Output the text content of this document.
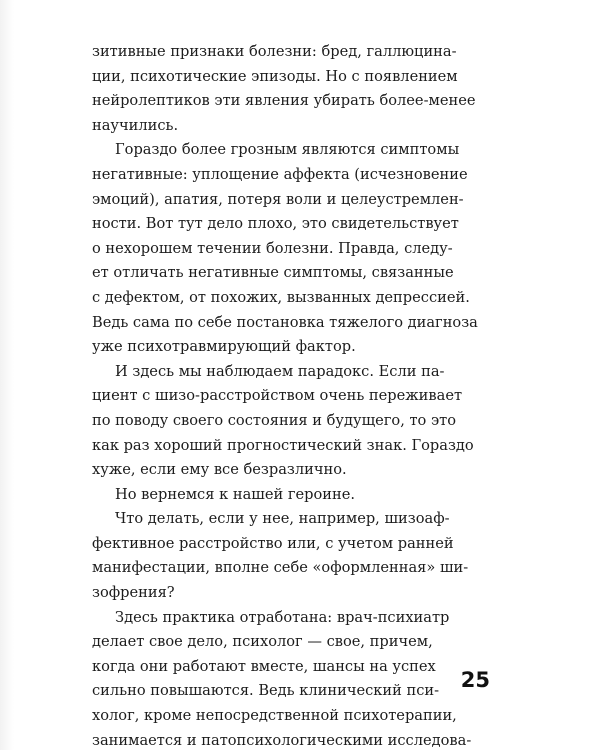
зитивные признаки болезни: бред, галлюцина-
ции, психотические эпизоды. Но с появлением
нейролептиков эти явления убирать более-менее
научились.
Гораздо более грозным являются симптомы
негативные: уплощение аффекта (исчезновение
эмоций), апатия, потеря воли и целеустремлен-
ности. Вот тут дело плохо, это свидетельствует
о нехорошем течении болезни. Правда, следу-
ет отличать негативные симптомы, связанные
с дефектом, от похожих, вызванных депрессией.
Ведь сама по себе постановка тяжелого диагноза
уже психотравмирующий фактор.
И здесь мы наблюдаем парадокс. Если па-
циент с шизо-расстройством очень переживает
по поводу своего состояния и будущего, то это
как раз хороший прогностический знак. Гораздо
хуже, если ему все безразлично.
Но вернемся к нашей героине.
Что делать, если у нее, например, шизоаф-
фективное расстройство или, с учетом ранней
манифестации, вполне себе «оформленная» ши-
зофрения?
Здесь практика отработана: врач-психиатр
делает свое дело, психолог — свое, причем,
когда они работают вместе, шансы на успех
сильно повышаются. Ведь клинический пси-
холог, кроме непосредственной психотерапии,
занимается и патопсихологическими исследова-
25
